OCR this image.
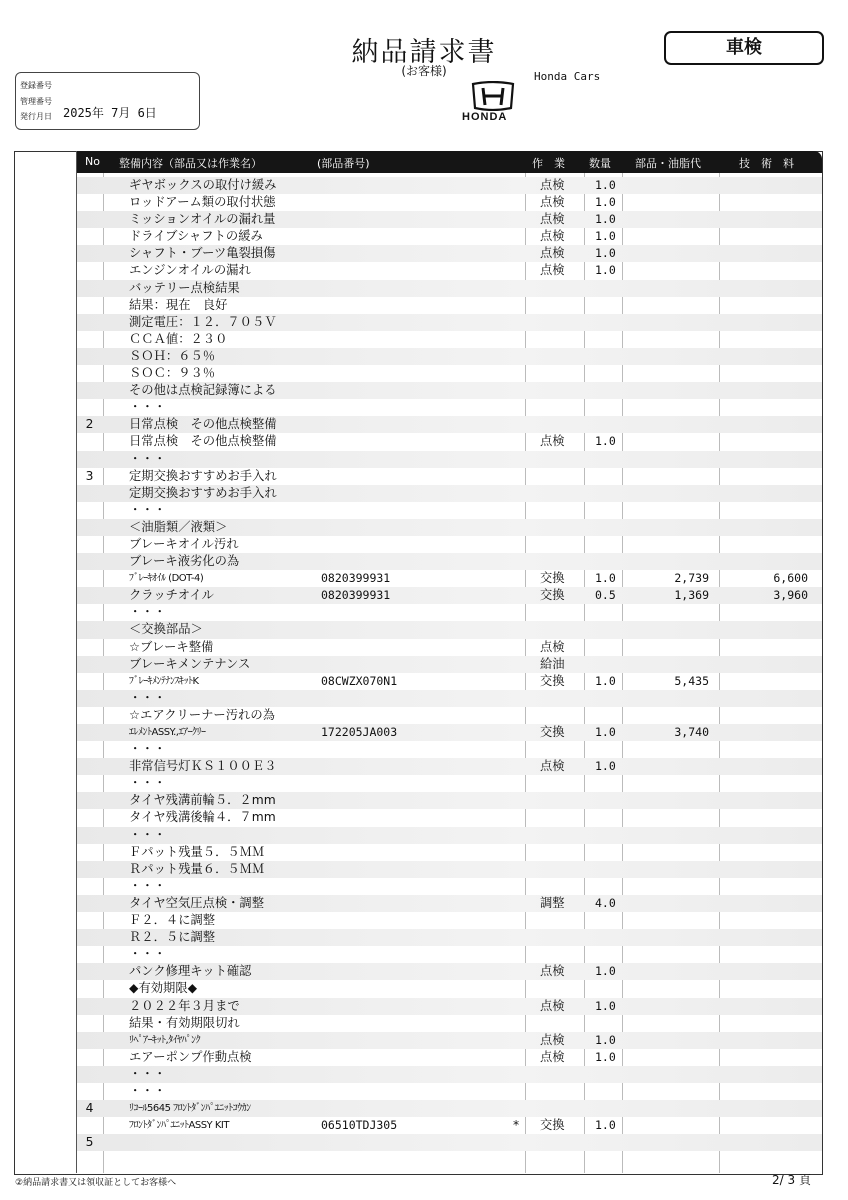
納品請求書
(お客様)
車検
Honda Cars
HONDA
登録番号
管理番号
発行月日 2025年 7月 6日
No 整備内容（部品又は作業名）	(部品番号)	作　業 数量 部品・油脂代	技　術　料
ギヤボックスの取付け緩み	点検	1.0
ロッドアーム類の取付状態	点検	1.0
ミッションオイルの漏れ量	点検	1.0
ドライブシャフトの緩み	点検	1.0
シャフト・ブーツ亀裂損傷	点検	1.0
エンジンオイルの漏れ	点検	1.0
バッテリー点検結果
結果：現在　良好
測定電圧：１２．７０５Ｖ
ＣＣＡ値：２３０
ＳＯＨ：６５％
ＳＯＣ：９３％
その他は点検記録簿による
・・・
2	日常点検　その他点検整備
日常点検　その他点検整備	点検	1.0
・・・
3	定期交換おすすめお手入れ
定期交換おすすめお手入れ
・・・
＜油脂類／液類＞
ブレーキオイル汚れ
ブレーキ液劣化の為
ﾌﾞﾚｰｷｵｲﾙ (DOT-4)	0820399931	交換	1.0	2,739	6,600
クラッチオイル	0820399931	交換	0.5	1,369	3,960
・・・
＜交換部品＞
☆ブレーキ整備	点検
ブレーキメンテナンス	給油
ﾌﾞﾚｰｷﾒﾝﾃﾅﾝｽｷｯﾄK	08CWZX070N1	交換	1.0	5,435
・・・
☆エアクリーナー汚れの為
ｴﾚﾒﾝﾄASSY.,ｴｱｰｸﾘｰ	172205JA003	交換	1.0	3,740
・・・
非常信号灯ＫＳ１００Ｅ３	点検	1.0
・・・
タイヤ残溝前輪５．２mm
タイヤ残溝後輪４．７mm
・・・
Ｆパット残量５．５ＭＭ
Ｒパット残量６．５ＭＭ
・・・
タイヤ空気圧点検・調整	調整	4.0
Ｆ２．４に調整
Ｒ２．５に調整
・・・
パンク修理キット確認	点検	1.0
◆有効期限◆
２０２２年３月まで	点検	1.0
結果・有効期限切れ
ﾘﾍﾟｱｰｷｯﾄ,ﾀｲﾔﾊﾟﾝｸ	点検	1.0
エアーポンプ作動点検	点検	1.0
・・・
・・・
4	ﾘｺｰﾙ5645 ﾌﾛﾝﾄﾀﾞﾝﾊﾟﾕﾆｯﾄｺｳｶﾝ
ﾌﾛﾝﾄﾀﾞﾝﾊﾟﾕﾆｯﾄASSY KIT	06510TDJ305	* 交換	1.0
5
②納品請求書又は領収証としてお客様へ	2/ 3 頁
